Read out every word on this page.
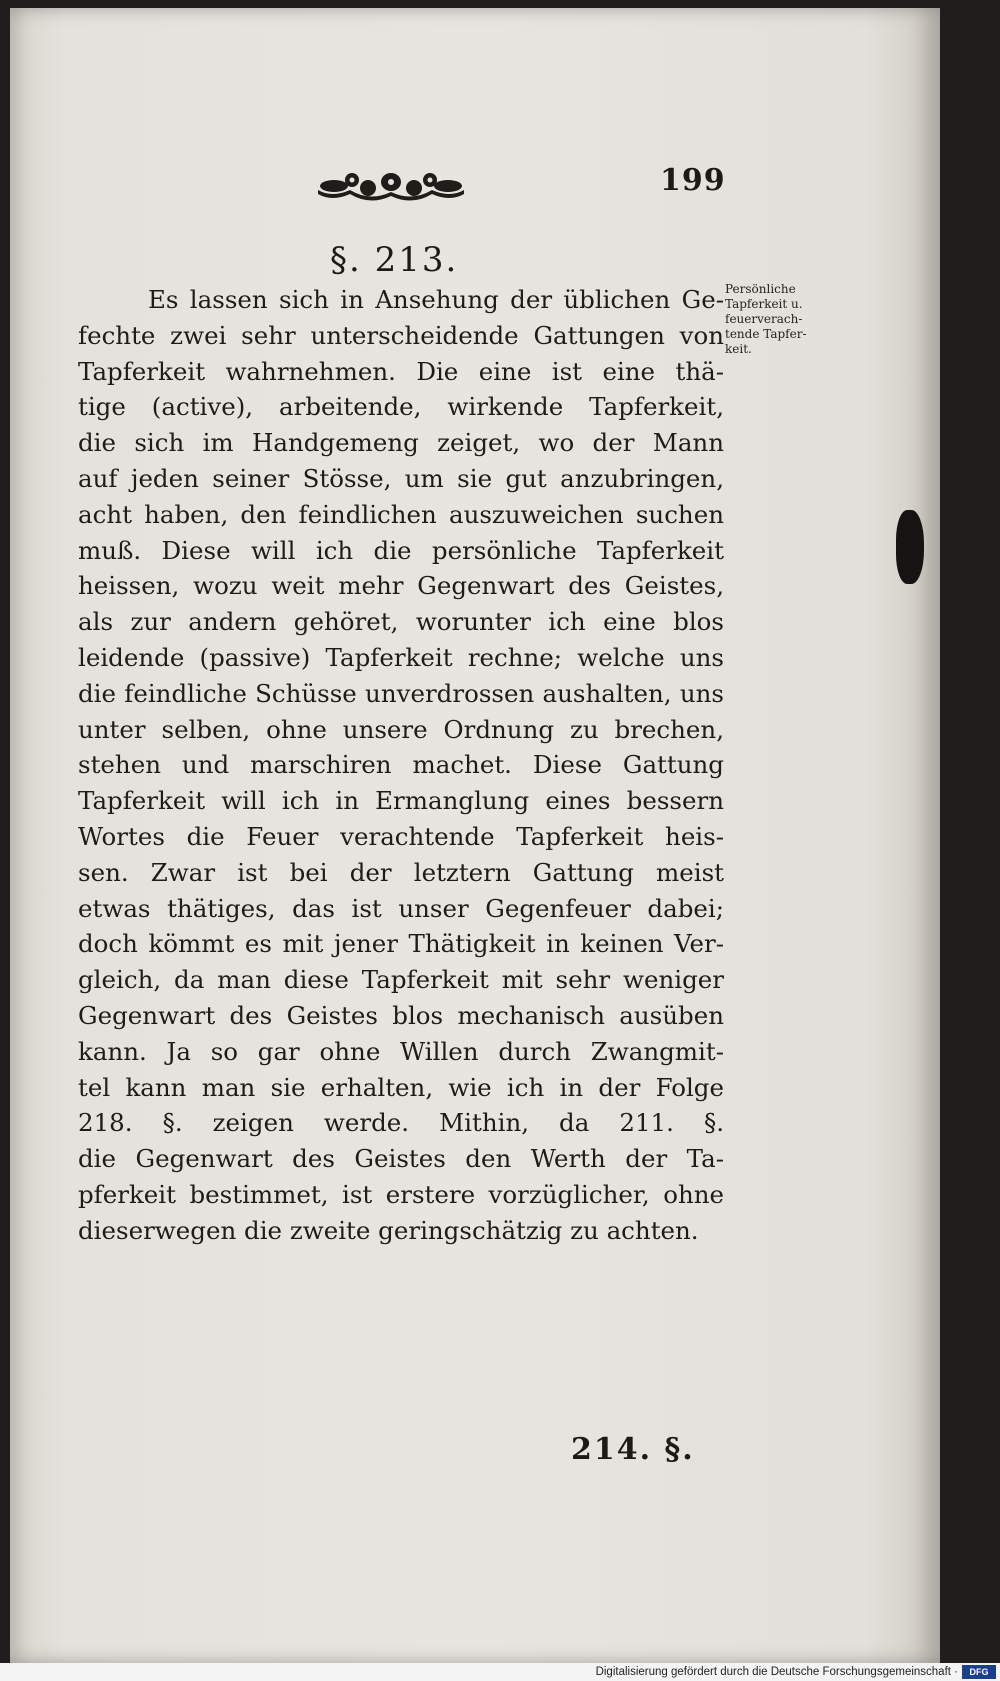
199
§. 213.
Es lassen sich in Ansehung der üblichen Ge-
fechte zwei sehr unterscheidende Gattungen von
Tapferkeit wahrnehmen. Die eine ist eine thä-
tige (active), arbeitende, wirkende Tapferkeit,
die sich im Handgemeng zeiget, wo der Mann
auf jeden seiner Stösse, um sie gut anzubringen,
acht haben, den feindlichen auszuweichen suchen
muß. Diese will ich die persönliche Tapferkeit
heissen, wozu weit mehr Gegenwart des Geistes,
als zur andern gehöret, worunter ich eine blos
leidende (passive) Tapferkeit rechne; welche uns
die feindliche Schüsse unverdrossen aushalten, uns
unter selben, ohne unsere Ordnung zu brechen,
stehen und marschiren machet. Diese Gattung
Tapferkeit will ich in Ermanglung eines bessern
Wortes die Feuer verachtende Tapferkeit heis-
sen. Zwar ist bei der letztern Gattung meist
etwas thätiges, das ist unser Gegenfeuer dabei;
doch kömmt es mit jener Thätigkeit in keinen Ver-
gleich, da man diese Tapferkeit mit sehr weniger
Gegenwart des Geistes blos mechanisch ausüben
kann. Ja so gar ohne Willen durch Zwangmit-
tel kann man sie erhalten, wie ich in der Folge
218. §. zeigen werde. Mithin, da 211. §.
die Gegenwart des Geistes den Werth der Ta-
pferkeit bestimmet, ist erstere vorzüglicher, ohne
dieserwegen die zweite geringschätzig zu achten.
Persönliche
Tapferkeit u.
feuerverach-
tende Tapfer-
keit.
214. §.
Digitalisierung gefördert durch die Deutsche Forschungsgemeinschaft ·	DFG
